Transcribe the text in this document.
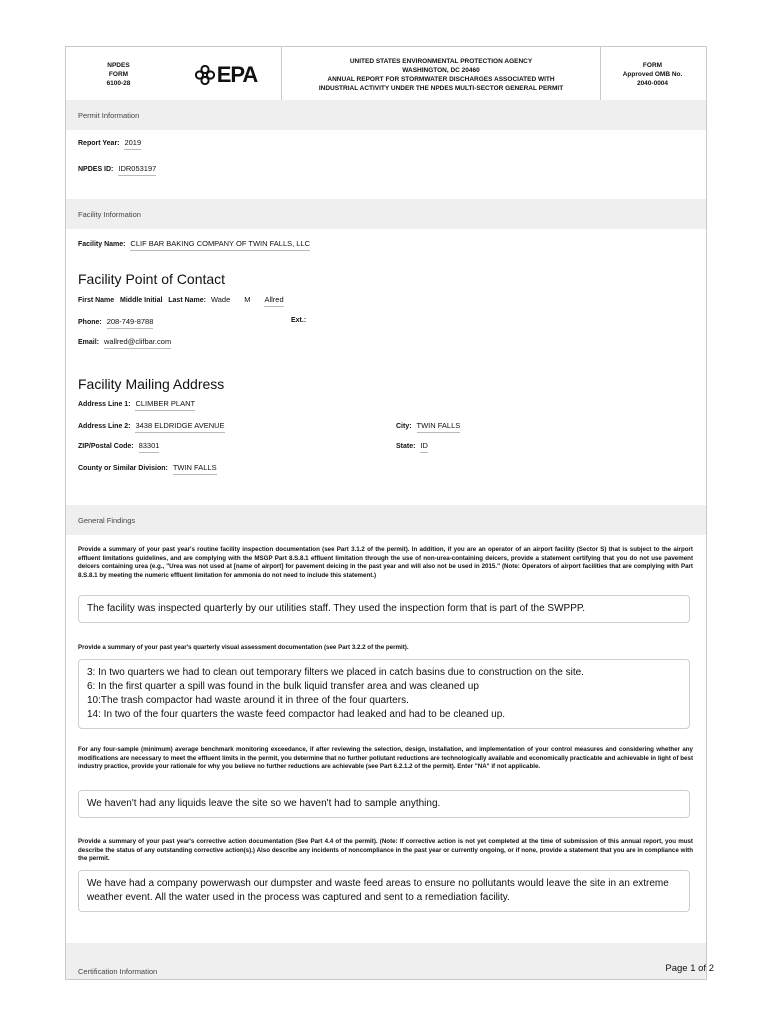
NPDES
FORM
6100-28	EPA
UNITED STATES ENVIRONMENTAL PROTECTION AGENCY
WASHINGTON, DC 20460
ANNUAL REPORT FOR STORMWATER DISCHARGES ASSOCIATED WITH
INDUSTRIAL ACTIVITY UNDER THE NPDES MULTI-SECTOR GENERAL PERMIT
FORM
Approved OMB No.
2040-0004
Permit Information
Report Year: 2019
NPDES ID: IDR053197
Facility Information
Facility Name: CLIF BAR BAKING COMPANY OF TWIN FALLS, LLC
Facility Point of Contact
First Name Middle Initial Last Name: Wade M Allred
Phone: 208-749-8788	Ext.:
Email: wallred@clifbar.com
Facility Mailing Address
Address Line 1: CLIMBER PLANT
Address Line 2: 3438 ELDRIDGE AVENUE	City: TWIN FALLS
ZIP/Postal Code: 83301	State: ID
County or Similar Division: TWIN FALLS
General Findings
Provide a summary of your past year's routine facility inspection documentation (see Part 3.1.2 of the permit). In addition, if you are an operator of an airport facility (Sector S) that is subject to the airport effluent limitations guidelines, and are complying with the MSGP Part 8.S.8.1 effluent limitation through the use of non-urea-containing deicers, provide a statement certifying that you do not use pavement deicers containing urea (e.g., "Urea was not used at [name of airport] for pavement deicing in the past year and will also not be used in 2015." (Note: Operators of airport facilities that are complying with Part 8.S.8.1 by meeting the numeric effluent limitation for ammonia do not need to include this statement.)
The facility was inspected quarterly by our utilities staff. They used the inspection form that is part of the SWPPP.
Provide a summary of your past year's quarterly visual assessment documentation (see Part 3.2.2 of the permit).
3: In two quarters we had to clean out temporary filters we placed in catch basins due to construction on the site.
6: In the first quarter a spill was found in the bulk liquid transfer area and was cleaned up
10:The trash compactor had waste around it in three of the four quarters.
14: In two of the four quarters the waste feed compactor had leaked and had to be cleaned up.
For any four-sample (minimum) average benchmark monitoring exceedance, if after reviewing the selection, design, installation, and implementation of your control measures and considering whether any modifications are necessary to meet the effluent limits in the permit, you determine that no further pollutant reductions are technologically available and economically practicable and achievable in light of best industry practice, provide your rationale for why you believe no further reductions are achievable (see Part 6.2.1.2 of the permit). Enter "NA" if not applicable.
We haven't had any liquids leave the site so we haven't had to sample anything.
Provide a summary of your past year's corrective action documentation (See Part 4.4 of the permit). (Note: If corrective action is not yet completed at the time of submission of this annual report, you must describe the status of any outstanding corrective action(s).) Also describe any incidents of noncompliance in the past year or currently ongoing, or if none, provide a statement that you are in compliance with the permit.
We have had a company powerwash our dumpster and waste feed areas to ensure no pollutants would leave the site in an extreme weather event. All the water used in the process was captured and sent to a remediation facility.
Certification Information	Page 1 of 2
